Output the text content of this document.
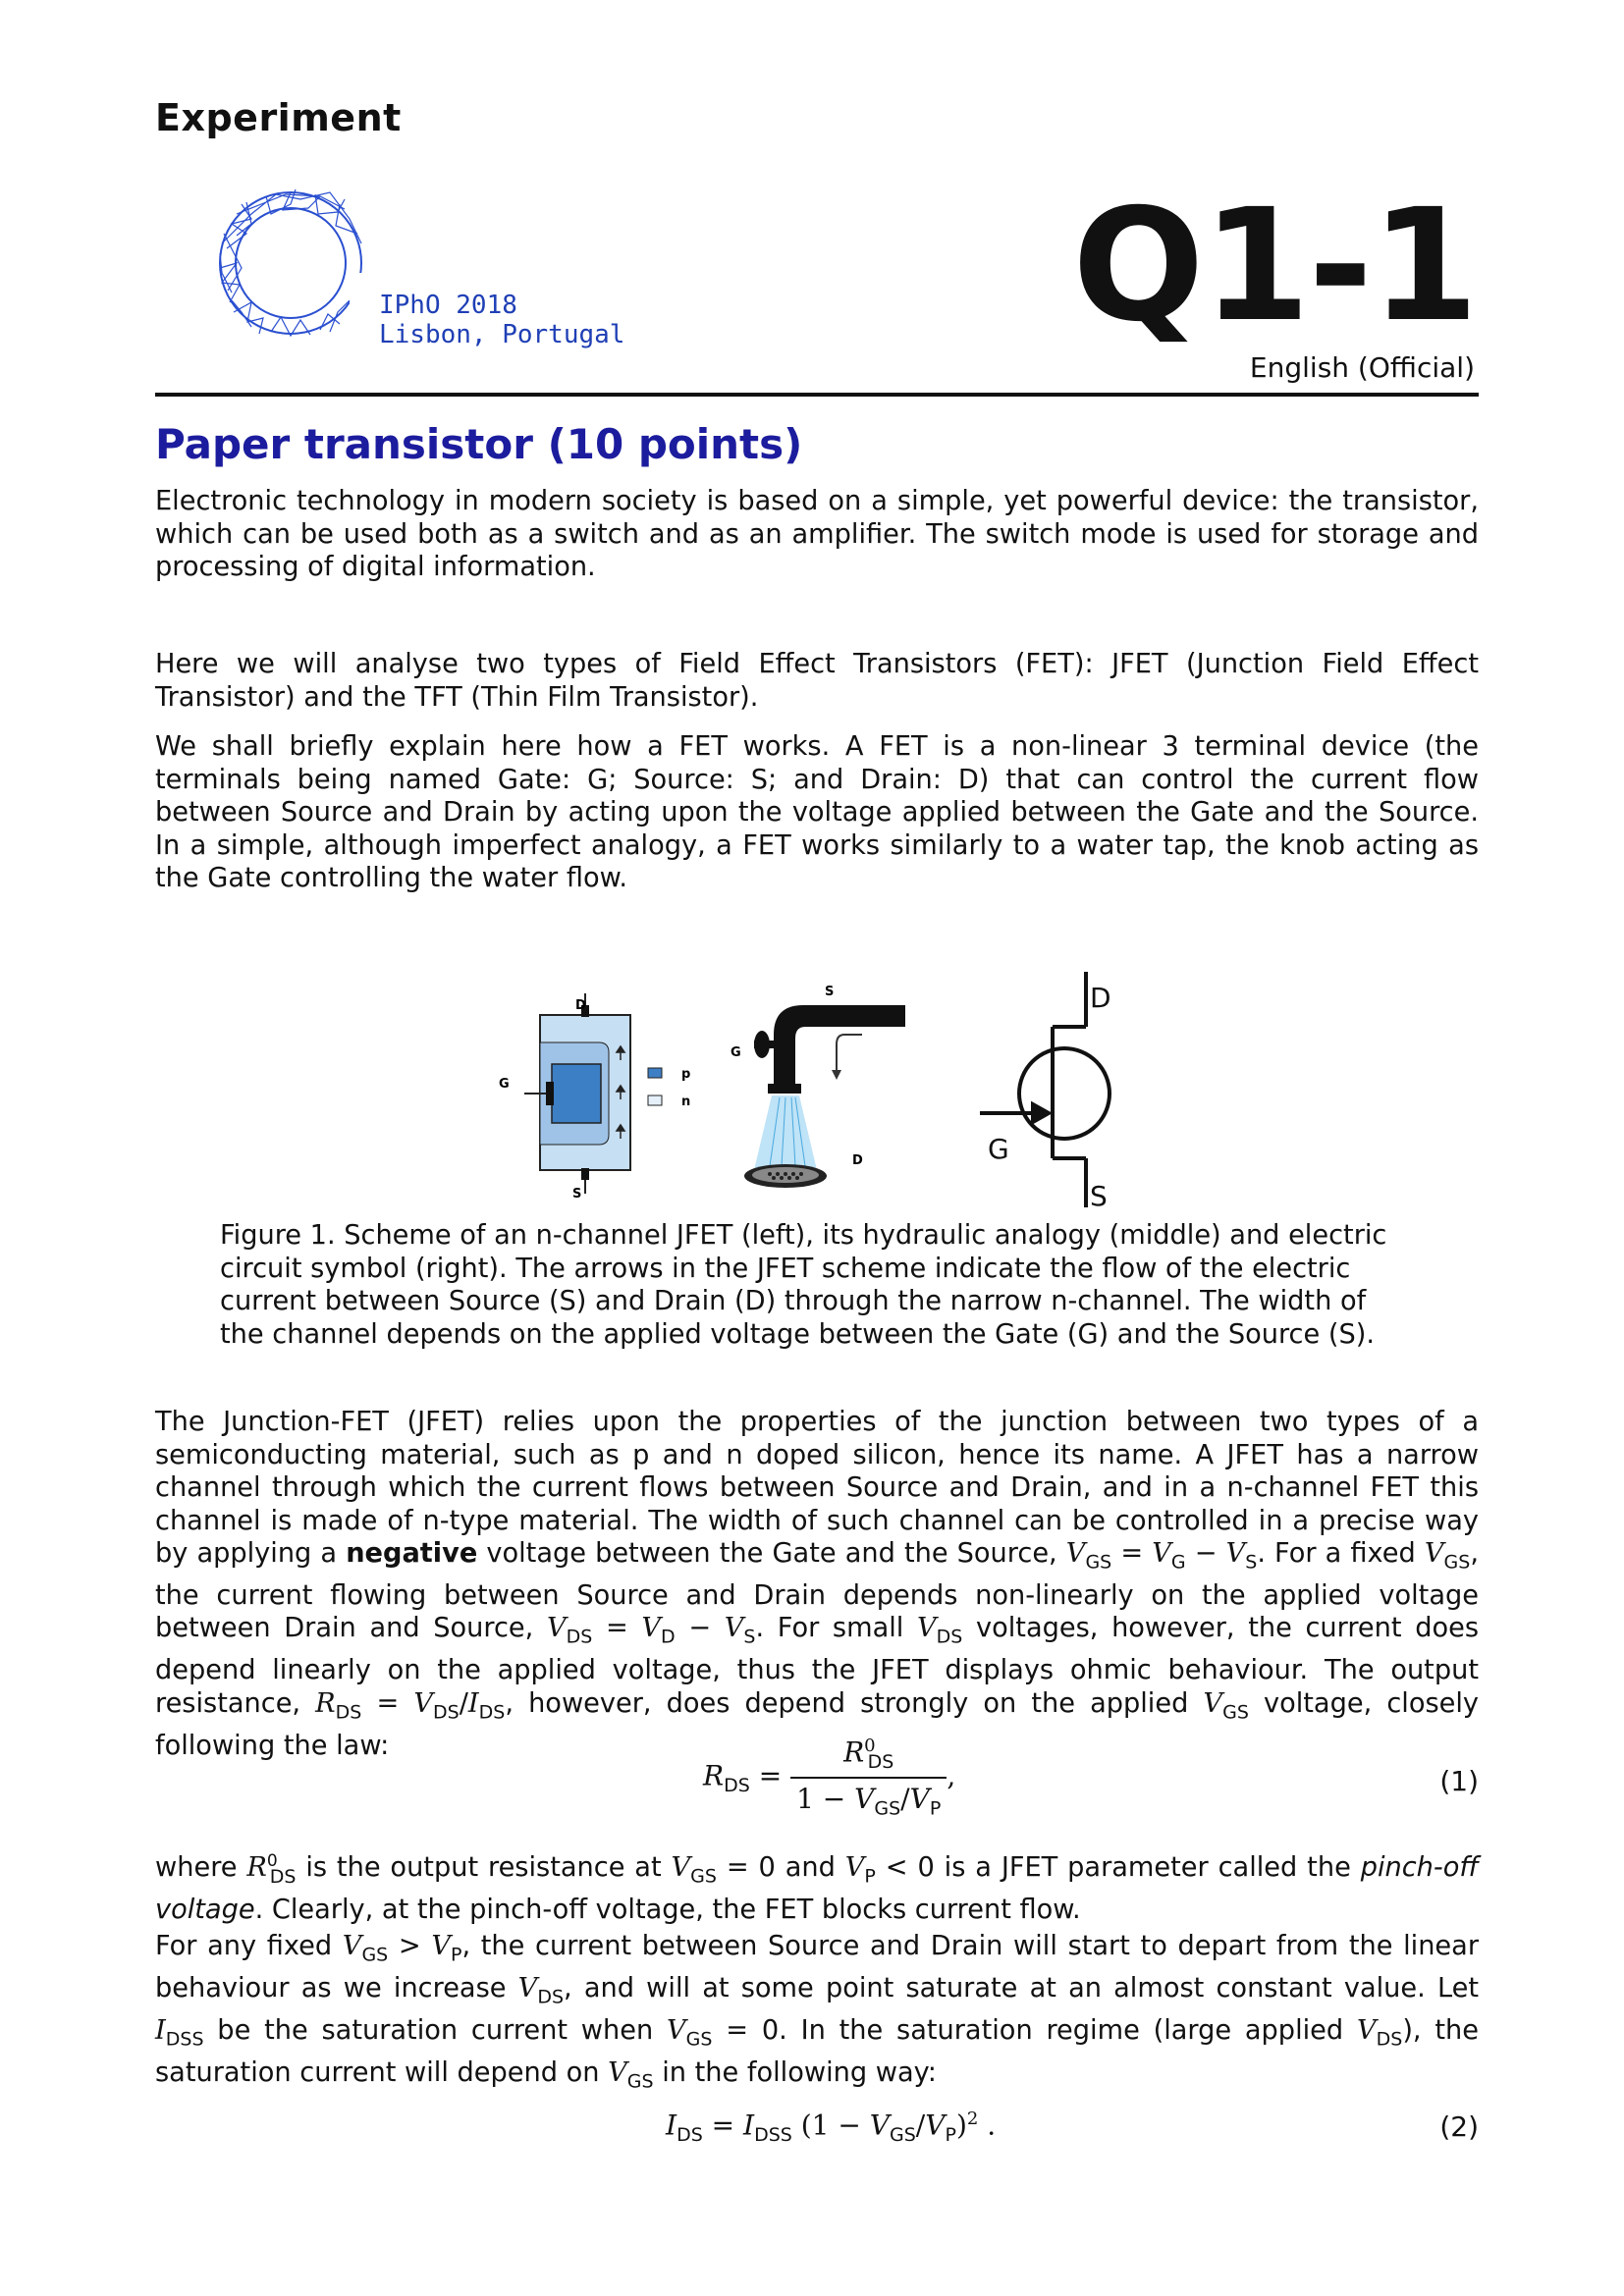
Experiment
IPhO 2018
Lisbon, Portugal	Q1-1
English (Official)
Paper transistor (10 points)
Electronic technology in modern society is based on a simple, yet powerful device: the transistor, which can be used both as a switch and as an amplifier. The switch mode is used for storage and processing of digital information.
Here we will analyse two types of Field Effect Transistors (FET): JFET (Junction Field Effect Transistor) and the TFT (Thin Film Transistor).
We shall briefly explain here how a FET works. A FET is a non-linear 3 terminal device (the terminals being named Gate: G; Source: S; and Drain: D) that can control the current flow between Source and Drain by acting upon the voltage applied between the Gate and the Source. In a simple, although imperfect analogy, a FET works similarly to a water tap, the knob acting as the Gate controlling the water flow.
D
G
S
p
n
S
G
D
D
G
S
Figure 1. Scheme of an n-channel JFET (left), its hydraulic analogy (middle) and electric circuit symbol (right). The arrows in the JFET scheme indicate the flow of the electric current between Source (S) and Drain (D) through the narrow n-channel. The width of the channel depends on the applied voltage between the Gate (G) and the Source (S).
The Junction-FET (JFET) relies upon the properties of the junction between two types of a semiconducting material, such as p and n doped silicon, hence its name. A JFET has a narrow channel through which the current flows between Source and Drain, and in a n-channel FET this channel is made of n-type material. The width of such channel can be controlled in a precise way by applying a negative voltage between the Gate and the Source, $V_{GS} = V_G - V_S$. For a fixed $V_{GS}$, the current flowing between Source and Drain depends non-linearly on the applied voltage between Drain and Source, $V_{DS} = V_D - V_S$. For small $V_{DS}$ voltages, however, the current does depend linearly on the applied voltage, thus the JFET displays ohmic behaviour. The output resistance, $R_{DS} = V_{DS}/I_{DS}$, however, does depend strongly on the applied $V_{GS}$ voltage, closely following the law:
$R_{DS} = \frac{R^0_{DS}}{1 - V_{GS}/V_P}$ ,	(1)
where $R^0_{DS}$ is the output resistance at $V_{GS} = 0$ and $V_P < 0$ is a JFET parameter called the pinch-off voltage. Clearly, at the pinch-off voltage, the FET blocks current flow.
For any fixed $V_{GS} > V_P$, the current between Source and Drain will start to depart from the linear behaviour as we increase $V_{DS}$, and will at some point saturate at an almost constant value. Let $I_{DSS}$ be the saturation current when $V_{GS} = 0$. In the saturation regime (large applied $V_{DS}$), the saturation current will depend on $V_{GS}$ in the following way:
$I_{DS} = I_{DSS}$ $(1 - V_{GS}/V_P)^2$ .	(2)
